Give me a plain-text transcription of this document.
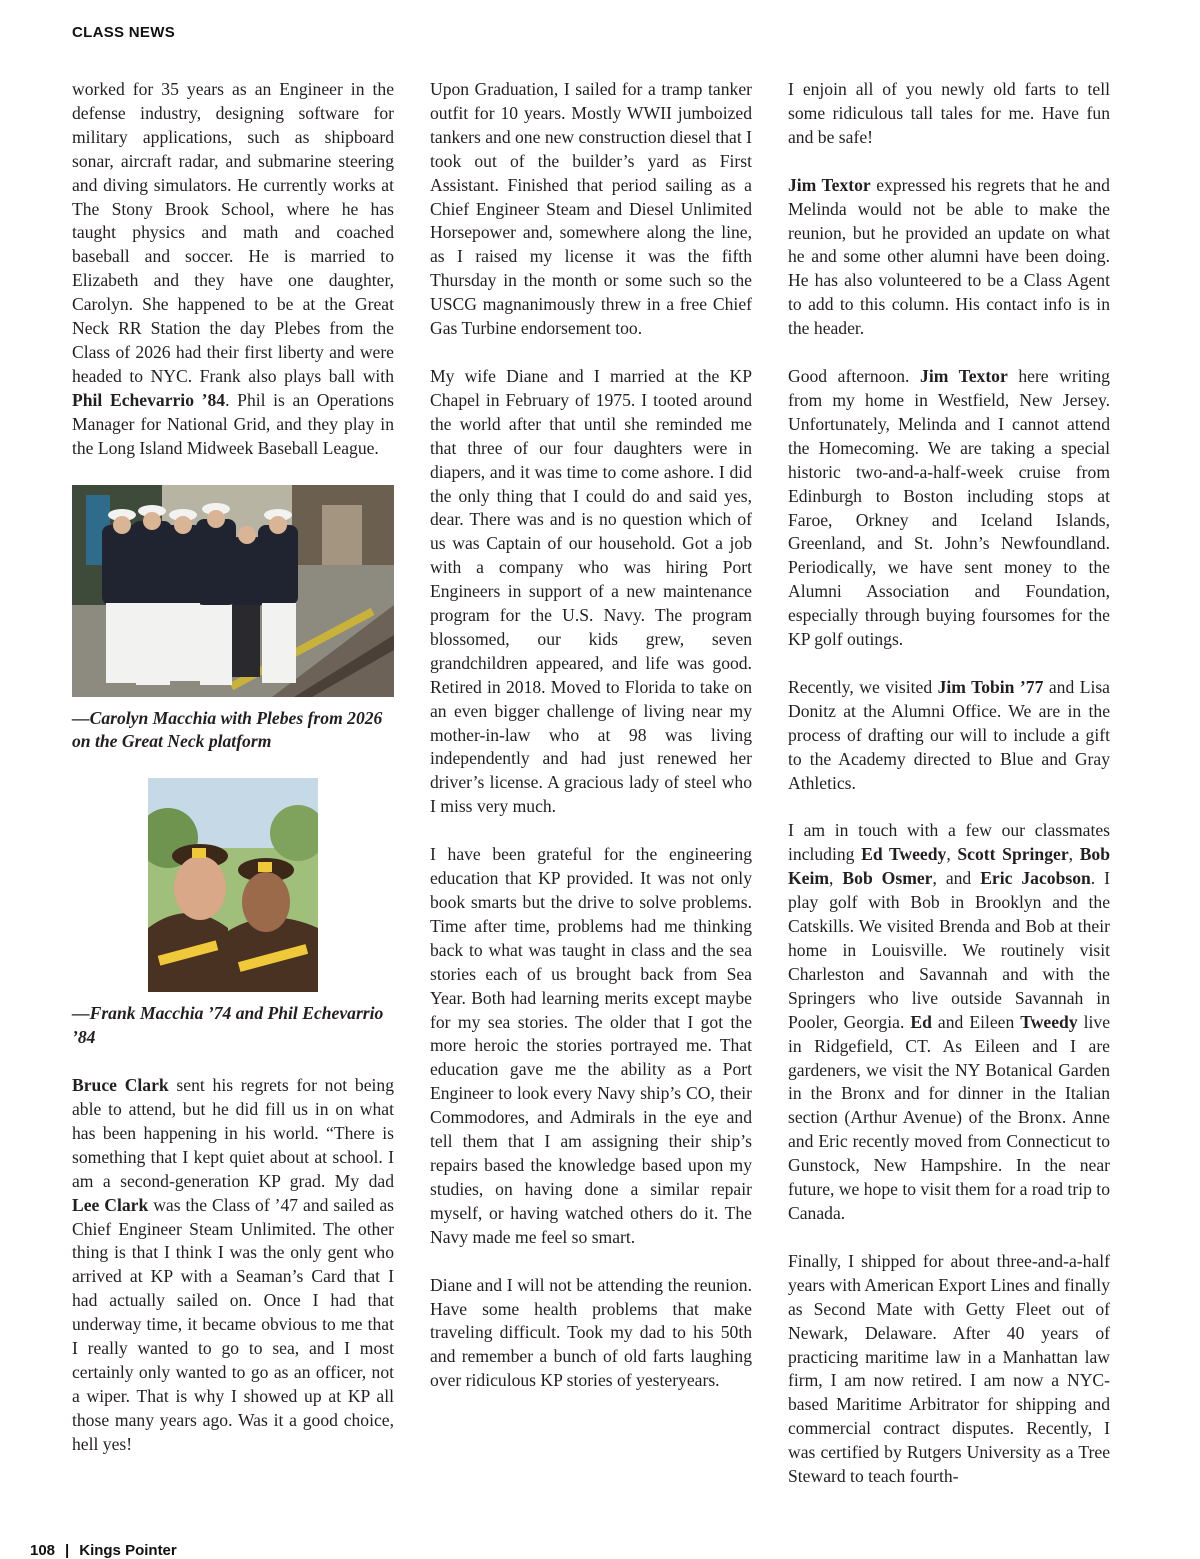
CLASS NEWS

worked for 35 years as an Engineer in the defense industry, designing software for military applications, such as shipboard sonar, aircraft radar, and submarine steering and diving simulators. He currently works at The Stony Brook School, where he has taught physics and math and coached baseball and soccer. He is married to Elizabeth and they have one daughter, Carolyn. She happened to be at the Great Neck RR Station the day Plebes from the Class of 2026 had their first liberty and were headed to NYC. Frank also plays ball with Phil Echevarrio ’84. Phil is an Operations Manager for National Grid, and they play in the Long Island Midweek Baseball League.

—Carolyn Macchia with Plebes from 2026 on the Great Neck platform

—Frank Macchia ’74 and Phil Echevarrio ’84

Bruce Clark sent his regrets for not being able to attend, but he did fill us in on what has been happening in his world. “There is something that I kept quiet about at school. I am a second-generation KP grad. My dad Lee Clark was the Class of ’47 and sailed as Chief Engineer Steam Unlimited. The other thing is that I think I was the only gent who arrived at KP with a Seaman’s Card that I had actually sailed on. Once I had that underway time, it became obvious to me that I really wanted to go to sea, and I most certainly only wanted to go as an officer, not a wiper. That is why I showed up at KP all those many years ago. Was it a good choice, hell yes!

Upon Graduation, I sailed for a tramp tanker outfit for 10 years. Mostly WWII jumboized tankers and one new construction diesel that I took out of the builder’s yard as First Assistant. Finished that period sailing as a Chief Engineer Steam and Diesel Unlimited Horsepower and, somewhere along the line, as I raised my license it was the fifth Thursday in the month or some such so the USCG magnanimously threw in a free Chief Gas Turbine endorsement too.

My wife Diane and I married at the KP Chapel in February of 1975. I tooted around the world after that until she reminded me that three of our four daughters were in diapers, and it was time to come ashore. I did the only thing that I could do and said yes, dear. There was and is no question which of us was Captain of our household. Got a job with a company who was hiring Port Engineers in support of a new maintenance program for the U.S. Navy. The program blossomed, our kids grew, seven grandchildren appeared, and life was good. Retired in 2018. Moved to Florida to take on an even bigger challenge of living near my mother-in-law who at 98 was living independently and had just renewed her driver’s license. A gracious lady of steel who I miss very much.

I have been grateful for the engineering education that KP provided. It was not only book smarts but the drive to solve problems. Time after time, problems had me thinking back to what was taught in class and the sea stories each of us brought back from Sea Year. Both had learning merits except maybe for my sea stories. The older that I got the more heroic the stories portrayed me. That education gave me the ability as a Port Engineer to look every Navy ship’s CO, their Commodores, and Admirals in the eye and tell them that I am assigning their ship’s repairs based the knowledge based upon my studies, on having done a similar repair myself, or having watched others do it. The Navy made me feel so smart.

Diane and I will not be attending the reunion. Have some health problems that make traveling difficult. Took my dad to his 50th and remember a bunch of old farts laughing over ridiculous KP stories of yesteryears.

I enjoin all of you newly old farts to tell some ridiculous tall tales for me. Have fun and be safe!

Jim Textor expressed his regrets that he and Melinda would not be able to make the reunion, but he provided an update on what he and some other alumni have been doing. He has also volunteered to be a Class Agent to add to this column. His contact info is in the header.

Good afternoon. Jim Textor here writing from my home in Westfield, New Jersey. Unfortunately, Melinda and I cannot attend the Homecoming. We are taking a special historic two-and-a-half-week cruise from Edinburgh to Boston including stops at Faroe, Orkney and Iceland Islands, Greenland, and St. John’s Newfoundland. Periodically, we have sent money to the Alumni Association and Foundation, especially through buying foursomes for the KP golf outings.

Recently, we visited Jim Tobin ’77 and Lisa Donitz at the Alumni Office. We are in the process of drafting our will to include a gift to the Academy directed to Blue and Gray Athletics.

I am in touch with a few our classmates including Ed Tweedy, Scott Springer, Bob Keim, Bob Osmer, and Eric Jacobson. I play golf with Bob in Brooklyn and the Catskills. We visited Brenda and Bob at their home in Louisville. We routinely visit Charleston and Savannah and with the Springers who live outside Savannah in Pooler, Georgia. Ed and Eileen Tweedy live in Ridgefield, CT. As Eileen and I are gardeners, we visit the NY Botanical Garden in the Bronx and for dinner in the Italian section (Arthur Avenue) of the Bronx. Anne and Eric recently moved from Connecticut to Gunstock, New Hampshire. In the near future, we hope to visit them for a road trip to Canada.

Finally, I shipped for about three-and-a-half years with American Export Lines and finally as Second Mate with Getty Fleet out of Newark, Delaware. After 40 years of practicing maritime law in a Manhattan law firm, I am now retired. I am now a NYC-based Maritime Arbitrator for shipping and commercial contract disputes. Recently, I was certified by Rutgers University as a Tree Steward to teach fourth-

108 | Kings Pointer
